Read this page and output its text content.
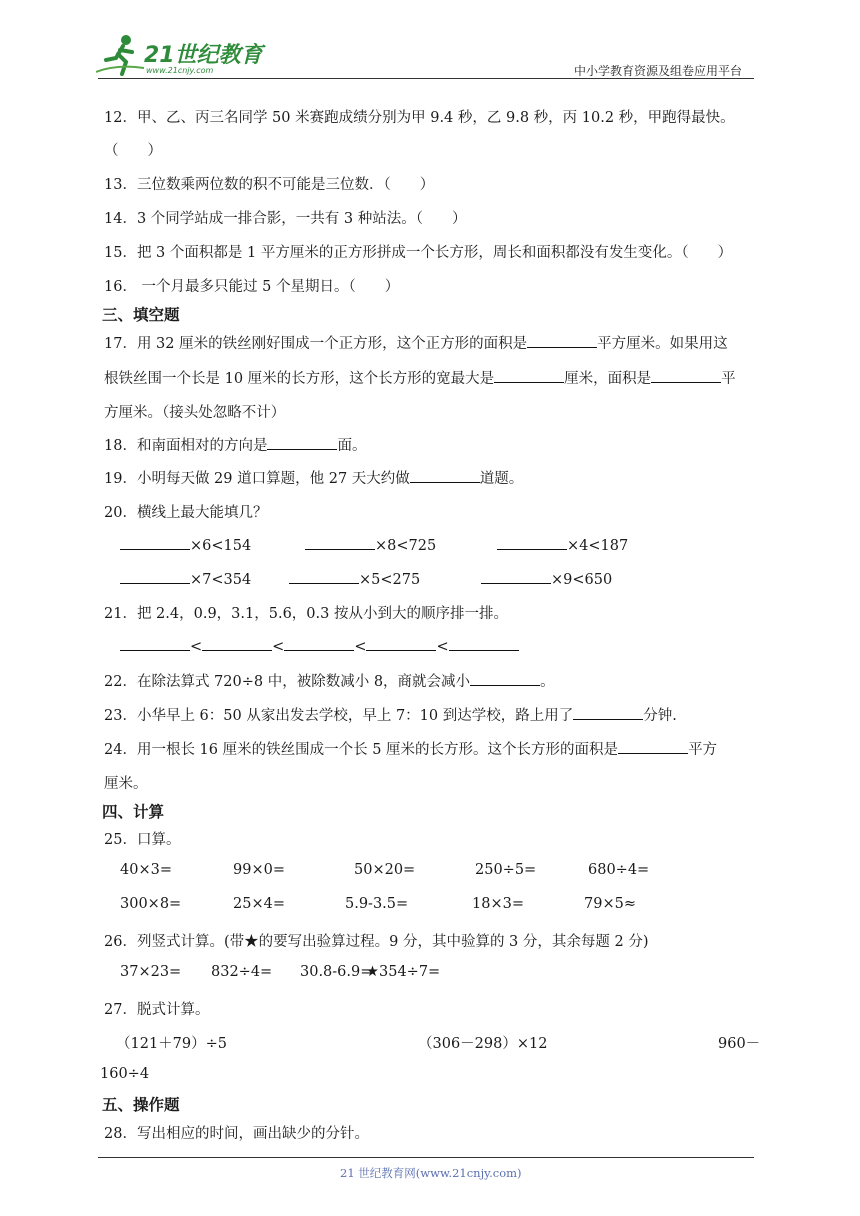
21世纪教育
www.21cnjy.com	中小学教育资源及组卷应用平台
12．甲、乙、丙三名同学 50 米赛跑成绩分别为甲 9.4 秒，乙 9.8 秒，丙 10.2 秒，甲跑得最快。
（　　）
13．三位数乘两位数的积不可能是三位数．（　　）
14．3 个同学站成一排合影，一共有 3 种站法。（　　）
15．把 3 个面积都是 1 平方厘米的正方形拼成一个长方形，周长和面积都没有发生变化。（　　）
16． 一个月最多只能过 5 个星期日。（　　）
三、填空题
17．用 32 厘米的铁丝刚好围成一个正方形，这个正方形的面积是	平方厘米。如果用这
根铁丝围一个长是 10 厘米的长方形，这个长方形的宽最大是	厘米，面积是	平
方厘米。（接头处忽略不计）
18．和南面相对的方向是	面。
19．小明每天做 29 道口算题，他 27 天大约做	道题。
20．横线上最大能填几？
×6<154	×8<725	×4<187
×7<354	×5<275	×9<650
21．把 2.4，0.9，3.1，5.6，0.3 按从小到大的顺序排一排。
<	<	<	<
22．在除法算式 720÷8 中，被除数减小 8，商就会减小	。
23．小华早上 6：50 从家出发去学校，早上 7：10 到达学校，路上用了	分钟.
24．用一根长 16 厘米的铁丝围成一个长 5 厘米的长方形。这个长方形的面积是	平方
厘米。
四、计算
25．口算。
40×3=	99×0=	50×20=	250÷5=	680÷4=
300×8=	25×4=	5.9-3.5=	18×3=	79×5≈
26．列竖式计算。(带★的要写出验算过程。9 分，其中验算的 3 分，其余每题 2 分)
37×23= 832÷4= 30.8-6.9=
★354÷7=
27．脱式计算。
（121＋79）÷5	（306－298）×12	960－
160÷4
五、操作题
28．写出相应的时间，画出缺少的分针。
21 世纪教育网(www.21cnjy.com)
